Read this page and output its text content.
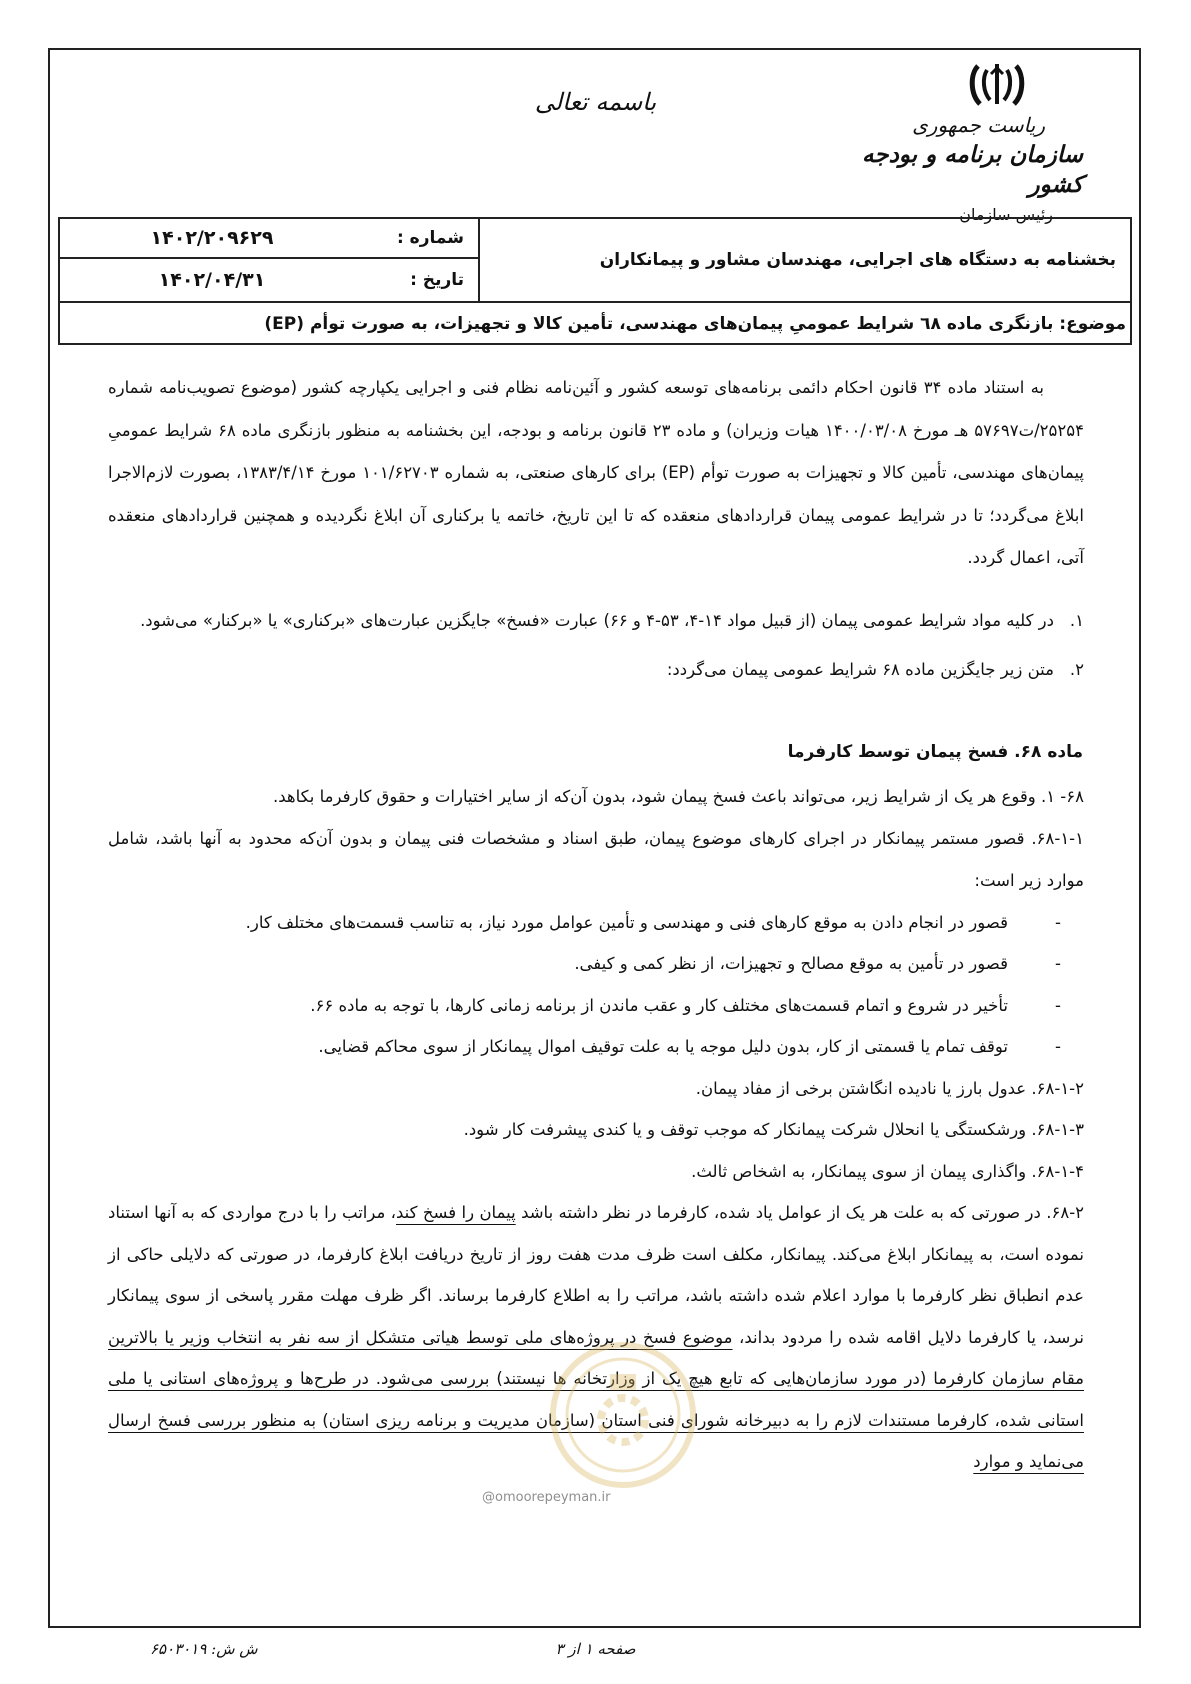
باسمه تعالی
ریاست جمهوری
سازمان برنامه و بودجه کشور
رئیس سازمان
بخشنامه به دستگاه های اجرایی، مهندسان مشاور و پیمانکاران
شماره :
۱۴۰۲/۲۰۹۶۲۹
تاریخ :
۱۴۰۲/۰۴/۳۱
موضوع: بازنگری ماده ٦٨ شرایط عمومیِ پیمان‌های مهندسی، تأمین کالا و تجهیزات، به صورت توأم (EP)
به استناد ماده ۳۴ قانون احکام دائمی برنامه‌های توسعه کشور و آئین‌نامه نظام فنی و اجرایی یکپارچه کشور (موضوع تصویب‌نامه شماره ۲۵۲۵۴/ت۵۷۶۹۷ هـ مورخ ۱۴۰۰/۰۳/۰۸ هیات وزیران) و ماده ۲۳ قانون برنامه و بودجه، این بخشنامه به منظور بازنگری ماده ۶۸ شرایط عمومیِ پیمان‌های مهندسی، تأمین کالا و تجهیزات به صورت توأم (EP) برای کارهای صنعتی، به شماره ۱۰۱/۶۲۷۰۳ مورخ ۱۳۸۳/۴/۱۴، بصورت لازم‌الاجرا ابلاغ می‌گردد؛ تا در شرایط عمومی پیمان قراردادهای منعقده که تا این تاریخ، خاتمه یا برکناری آن ابلاغ نگردیده و همچنین قراردادهای منعقده آتی، اعمال گردد.
۱.
در کلیه مواد شرایط عمومی پیمان (از قبیل مواد ۱۴-۴، ۵۳-۴ و ۶۶) عبارت «فسخ» جایگزین عبارت‌های «برکناری» یا «برکنار» می‌شود.
۲.
متن زیر جایگزین ماده ۶۸ شرایط عمومی پیمان می‌گردد:
ماده ۶۸. فسخ پیمان توسط کارفرما
۶۸- ۱. وقوع هر یک از شرایط زیر، می‌تواند باعث فسخ پیمان شود، بدون آن‌که از سایر اختیارات و حقوق کارفرما بکاهد.
۶۸-۱-۱. قصور مستمر پیمانکار در اجرای کارهای موضوع پیمان، طبق اسناد و مشخصات فنی پیمان و بدون آن‌که محدود به آنها باشد، شامل موارد زیر است:
-
قصور در انجام دادن به موقع کارهای فنی و مهندسی و تأمین عوامل مورد نیاز، به تناسب قسمت‌های مختلف کار.
-
قصور در تأمین به موقع مصالح و تجهیزات، از نظر کمی و کیفی.
-
تأخیر در شروع و اتمام قسمت‌های مختلف کار و عقب ماندن از برنامه زمانی کارها، با توجه به ماده ۶۶.
-
توقف تمام یا قسمتی از کار، بدون دلیل موجه یا به علت توقیف اموال پیمانکار از سوی محاکم قضایی.
۶۸-۱-۲. عدول بارز یا نادیده انگاشتن برخی از مفاد پیمان.
۶۸-۱-۳. ورشکستگی یا انحلال شرکت پیمانکار که موجب توقف و یا کندی پیشرفت کار شود.
۶۸-۱-۴. واگذاری پیمان از سوی پیمانکار، به اشخاص ثالث.
۶۸-۲. در صورتی که به علت هر یک از عوامل یاد شده، کارفرما در نظر داشته باشد پیمان را فسخ کند، مراتب را با درج مواردی که به آنها استناد نموده است، به پیمانکار ابلاغ می‌کند. پیمانکار، مکلف است ظرف مدت هفت روز از تاریخ دریافت ابلاغ کارفرما، در صورتی که دلایلی حاکی از عدم انطباق نظر کارفرما با موارد اعلام شده داشته باشد، مراتب را به اطلاع کارفرما برساند. اگر ظرف مهلت مقرر پاسخی از سوی پیمانکار نرسد، یا کارفرما دلایل اقامه شده را مردود بداند، موضوع فسخ در پروژه‌های ملی توسط هیاتی متشکل از سه نفر به انتخاب وزیر یا بالاترین مقام سازمان کارفرما (در مورد سازمان‌هایی که تابع هیچ یک از وزارتخانه ها نیستند) بررسی می‌شود. در طرح‌ها و پروژه‌های استانی یا ملی استانی شده، کارفرما مستندات لازم را به دبیرخانه شورای فنی استان (سازمان مدیریت و برنامه ریزی استان) به منظور بررسی فسخ ارسال می‌نماید و موارد
@omoorepeyman.ir
صفحه ۱ از ۳
ش ش: ۶۵۰۳۰۱۹
